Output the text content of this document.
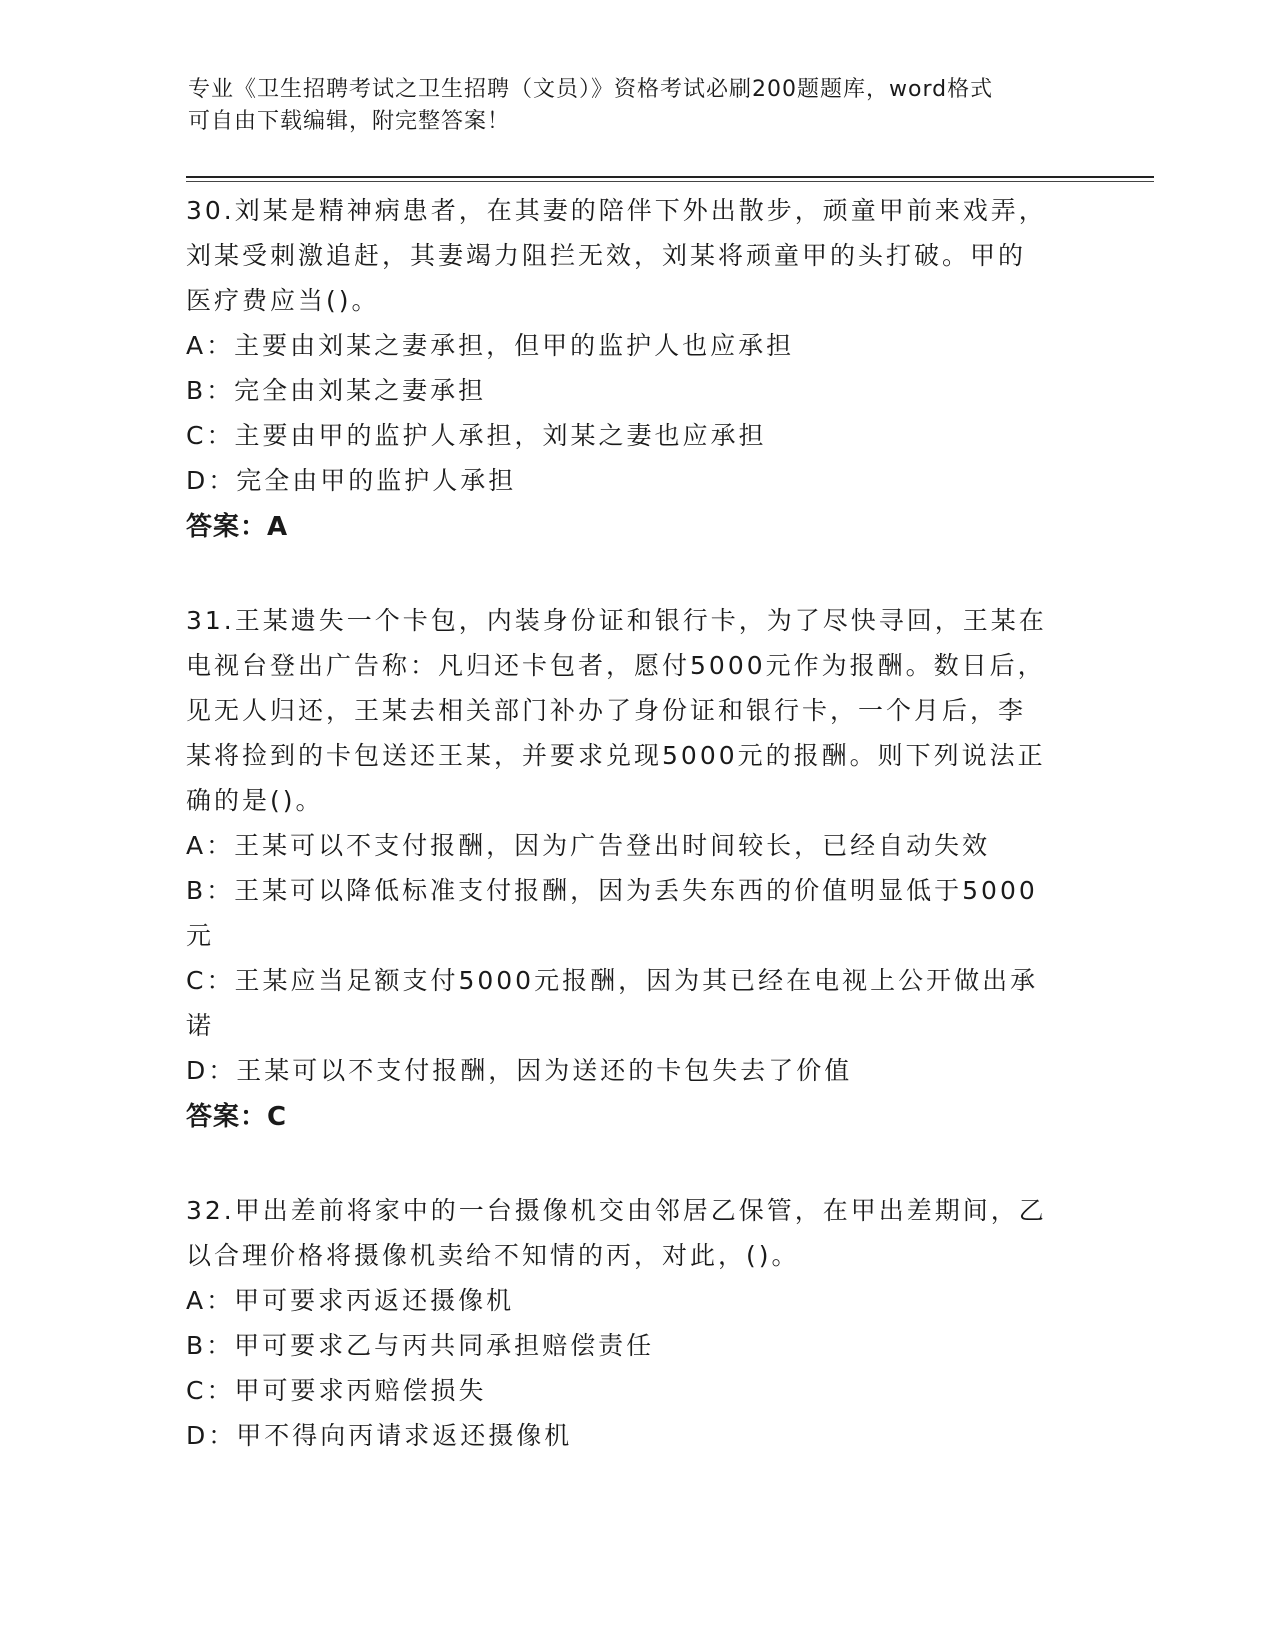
专业《卫生招聘考试之卫生招聘（文员）》资格考试必刷200题题库，word格式
可自由下载编辑，附完整答案！

30.刘某是精神病患者，在其妻的陪伴下外出散步，顽童甲前来戏弄，

刘某受刺激追赶，其妻竭力阻拦无效，刘某将顽童甲的头打破。甲的

医疗费应当()。

A：主要由刘某之妻承担，但甲的监护人也应承担

B：完全由刘某之妻承担

C：主要由甲的监护人承担，刘某之妻也应承担

D：完全由甲的监护人承担

答案：A

31.王某遗失一个卡包，内装身份证和银行卡，为了尽快寻回，王某在

电视台登出广告称：凡归还卡包者，愿付5000元作为报酬。数日后，

见无人归还，王某去相关部门补办了身份证和银行卡，一个月后，李

某将捡到的卡包送还王某，并要求兑现5000元的报酬。则下列说法正

确的是()。

A：王某可以不支付报酬，因为广告登出时间较长，已经自动失效

B：王某可以降低标准支付报酬，因为丢失东西的价值明显低于5000

元

C：王某应当足额支付5000元报酬，因为其已经在电视上公开做出承

诺

D：王某可以不支付报酬，因为送还的卡包失去了价值

答案：C

32.甲出差前将家中的一台摄像机交由邻居乙保管，在甲出差期间，乙

以合理价格将摄像机卖给不知情的丙，对此，()。

A：甲可要求丙返还摄像机

B：甲可要求乙与丙共同承担赔偿责任

C：甲可要求丙赔偿损失

D：甲不得向丙请求返还摄像机
